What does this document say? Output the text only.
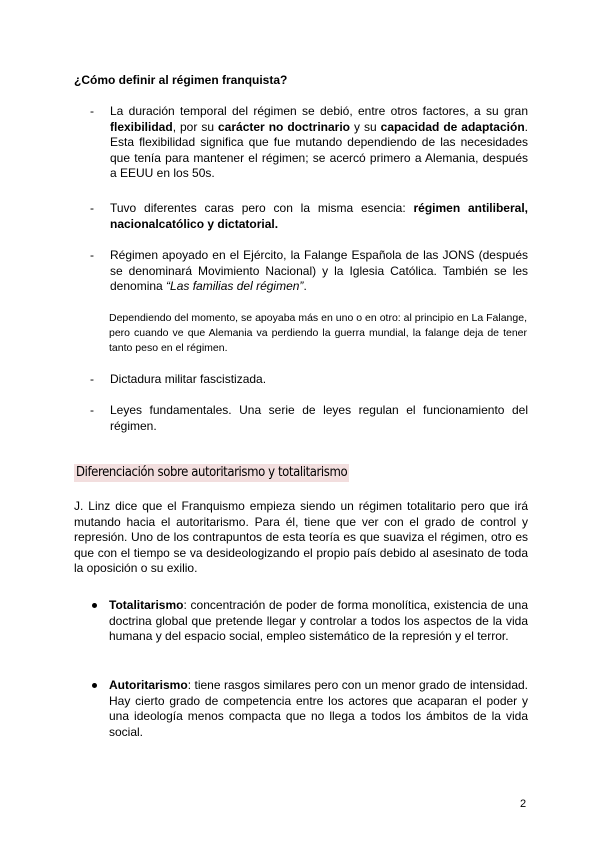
¿Cómo definir al régimen franquista?
- La duración temporal del régimen se debió, entre otros factores, a su gran flexibilidad, por su carácter no doctrinario y su capacidad de adaptación. Esta flexibilidad significa que fue mutando dependiendo de las necesidades que tenía para mantener el régimen; se acercó primero a Alemania, después a EEUU en los 50s.
- Tuvo diferentes caras pero con la misma esencia: régimen antiliberal, nacionalcatólico y dictatorial.
- Régimen apoyado en el Ejército, la Falange Española de las JONS (después se denominará Movimiento Nacional) y la Iglesia Católica. También se les denomina “Las familias del régimen”.
- Dictadura militar fascistizada.
- Leyes fundamentales. Una serie de leyes regulan el funcionamiento del régimen.
Dependiendo del momento, se apoyaba más en uno o en otro: al principio en La Falange, pero cuando ve que Alemania va perdiendo la guerra mundial, la falange deja de tener tanto peso en el régimen.
Diferenciación sobre autoritarismo y totalitarismo
J. Linz dice que el Franquismo empieza siendo un régimen totalitario pero que irá mutando hacia el autoritarismo. Para él, tiene que ver con el grado de control y represión. Uno de los contrapuntos de esta teoría es que suaviza el régimen, otro es que con el tiempo se va desideologizando el propio país debido al asesinato de toda la oposición o su exilio.
Totalitarismo: concentración de poder de forma monolítica, existencia de una doctrina global que pretende llegar y controlar a todos los aspectos de la vida humana y del espacio social, empleo sistemático de la represión y el terror.
Autoritarismo: tiene rasgos similares pero con un menor grado de intensidad. Hay cierto grado de competencia entre los actores que acaparan el poder y una ideología menos compacta que no llega a todos los ámbitos de la vida social.
2
